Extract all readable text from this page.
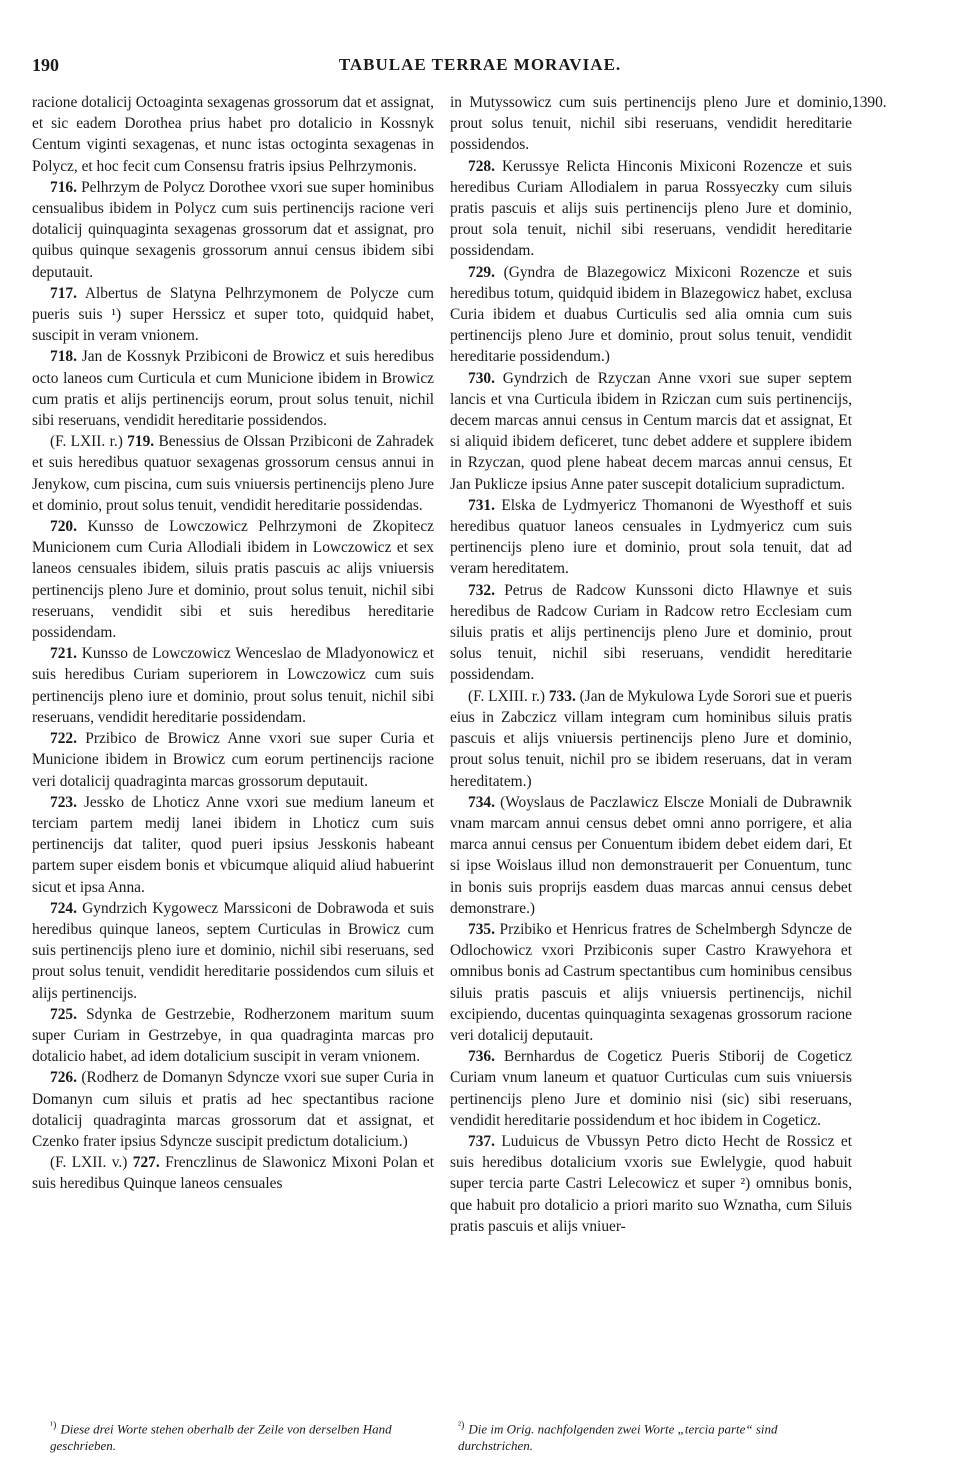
190	TABULAE TERRAE MORAVIAE.

racione dotalicij Octoaginta sexagenas grossorum dat et assignat, et sic eadem Dorothea prius habet pro dotalicio in Kossnyk Centum viginti sexagenas, et nunc istas octoginta sexagenas in Polycz, et hoc fecit cum Consensu fratris ipsius Pelhrzymonis.

716. Pelhrzym de Polycz Dorothee vxori sue super hominibus censualibus ibidem in Polycz cum suis pertinencijs racione veri dotalicij quinquaginta sexagenas grossorum dat et assignat, pro quibus quinque sexagenis grossorum annui census ibidem sibi deputauit.

717. Albertus de Slatyna Pelhrzymonem de Polycze cum pueris suis ¹) super Herssicz et super toto, quidquid habet, suscipit in veram vnionem.

718. Jan de Kossnyk Przibiconi de Browicz et suis heredibus octo laneos cum Curticula et cum Municione ibidem in Browicz cum pratis et alijs pertinencijs eorum, prout solus tenuit, nichil sibi reseruans, vendidit hereditarie possidendos.

(F. LXII. r.) 719. Benessius de Olssan Przibiconi de Zahradek et suis heredibus quatuor sexagenas grossorum census annui in Jenykow, cum piscina, cum suis vniuersis pertinencijs pleno Jure et dominio, prout solus tenuit, vendidit hereditarie possidendas.

720. Kunsso de Lowczowicz Pelhrzymoni de Zkopitecz Municionem cum Curia Allodiali ibidem in Lowczowicz et sex laneos censuales ibidem, siluis pratis pascuis ac alijs vniuersis pertinencijs pleno Jure et dominio, prout solus tenuit, nichil sibi reseruans, vendidit sibi et suis heredibus hereditarie possidendam.

721. Kunsso de Lowczowicz Wenceslao de Mladyonowicz et suis heredibus Curiam superiorem in Lowczowicz cum suis pertinencijs pleno iure et dominio, prout solus tenuit, nichil sibi reseruans, vendidit hereditarie possidendam.

722. Przibico de Browicz Anne vxori sue super Curia et Municione ibidem in Browicz cum eorum pertinencijs racione veri dotalicij quadraginta marcas grossorum deputauit.

723. Jessko de Lhoticz Anne vxori sue medium laneum et terciam partem medij lanei ibidem in Lhoticz cum suis pertinencijs dat taliter, quod pueri ipsius Jesskonis habeant partem super eisdem bonis et vbicumque aliquid aliud habuerint sicut et ipsa Anna.

724. Gyndrzich Kygowecz Marssiconi de Dobrawoda et suis heredibus quinque laneos, septem Curticulas in Browicz cum suis pertinencijs pleno iure et dominio, nichil sibi reseruans, sed prout solus tenuit, vendidit hereditarie possidendos cum siluis et alijs pertinencijs.

725. Sdynka de Gestrzebie, Rodherzonem maritum suum super Curiam in Gestrzebye, in qua quadraginta marcas pro dotalicio habet, ad idem dotalicium suscipit in veram vnionem.

726. (Rodherz de Domanyn Sdyncze vxori sue super Curia in Domanyn cum siluis et pratis ad hec spectantibus racione dotalicij quadraginta marcas grossorum dat et assignat, et Czenko frater ipsius Sdyncze suscipit predictum dotalicium.)

(F. LXII. v.) 727. Frenczlinus de Slawonicz Mixoni Polan et suis heredibus Quinque laneos censuales

in Mutyssowicz cum suis pertinencijs pleno Jure et dominio, prout solus tenuit, nichil sibi reseruans, vendidit hereditarie possidendos.

728. Kerussye Relicta Hinconis Mixiconi Rozencze et suis heredibus Curiam Allodialem in parua Rossyeczky cum siluis pratis pascuis et alijs suis pertinencijs pleno Jure et dominio, prout sola tenuit, nichil sibi reseruans, vendidit hereditarie possidendam.

729. (Gyndra de Blazegowicz Mixiconi Rozencze et suis heredibus totum, quidquid ibidem in Blazegowicz habet, exclusa Curia ibidem et duabus Curticulis sed alia omnia cum suis pertinencijs pleno Jure et dominio, prout solus tenuit, vendidit hereditarie possidendum.)

730. Gyndrzich de Rzyczan Anne vxori sue super septem lancis et vna Curticula ibidem in Rziczan cum suis pertinencijs, decem marcas annui census in Centum marcis dat et assignat, Et si aliquid ibidem deficeret, tunc debet addere et supplere ibidem in Rzyczan, quod plene habeat decem marcas annui census, Et Jan Puklicze ipsius Anne pater suscepit dotalicium supradictum.

731. Elska de Lydmyericz Thomanoni de Wyesthoff et suis heredibus quatuor laneos censuales in Lydmyericz cum suis pertinencijs pleno iure et dominio, prout sola tenuit, dat ad veram hereditatem.

732. Petrus de Radcow Kunssoni dicto Hlawnye et suis heredibus de Radcow Curiam in Radcow retro Ecclesiam cum siluis pratis et alijs pertinencijs pleno Jure et dominio, prout solus tenuit, nichil sibi reseruans, vendidit hereditarie possidendam.

(F. LXIII. r.) 733. (Jan de Mykulowa Lyde Sorori sue et pueris eius in Zabczicz villam integram cum hominibus siluis pratis pascuis et alijs vniuersis pertinencijs pleno Jure et dominio, prout solus tenuit, nichil pro se ibidem reseruans, dat in veram hereditatem.)

734. (Woyslaus de Paczlawicz Elscze Moniali de Dubrawnik vnam marcam annui census debet omni anno porrigere, et alia marca annui census per Conuentum ibidem debet eidem dari, Et si ipse Woislaus illud non demonstrauerit per Conuentum, tunc in bonis suis proprijs easdem duas marcas annui census debet demonstrare.)

735. Przibiko et Henricus fratres de Schelmbergh Sdyncze de Odlochowicz vxori Przibiconis super Castro Krawyehora et omnibus bonis ad Castrum spectantibus cum hominibus censibus siluis pratis pascuis et alijs vniuersis pertinencijs, nichil excipiendo, ducentas quinquaginta sexagenas grossorum racione veri dotalicij deputauit.

736. Bernhardus de Cogeticz Pueris Stiborij de Cogeticz Curiam vnum laneum et quatuor Curticulas cum suis vniuersis pertinencijs pleno Jure et dominio nisi (sic) sibi reseruans, vendidit hereditarie possidendum et hoc ibidem in Cogeticz.

737. Luduicus de Vbussyn Petro dicto Hecht de Rossicz et suis heredibus dotalicium vxoris sue Ewlelygie, quod habuit super tercia parte Castri Lelecowicz et super ²) omnibus bonis, que habuit pro dotalicio a priori marito suo Wznatha, cum Siluis pratis pascuis et alijs vniuer-

1390.
$^{^1)}$ Diese drei Worte stehen oberhalb der Zeile von derselben Hand geschrieben.
$^{^2)}$ Die im Orig. nachfolgenden zwei Worte „tercia parte“ sind durchstrichen.
